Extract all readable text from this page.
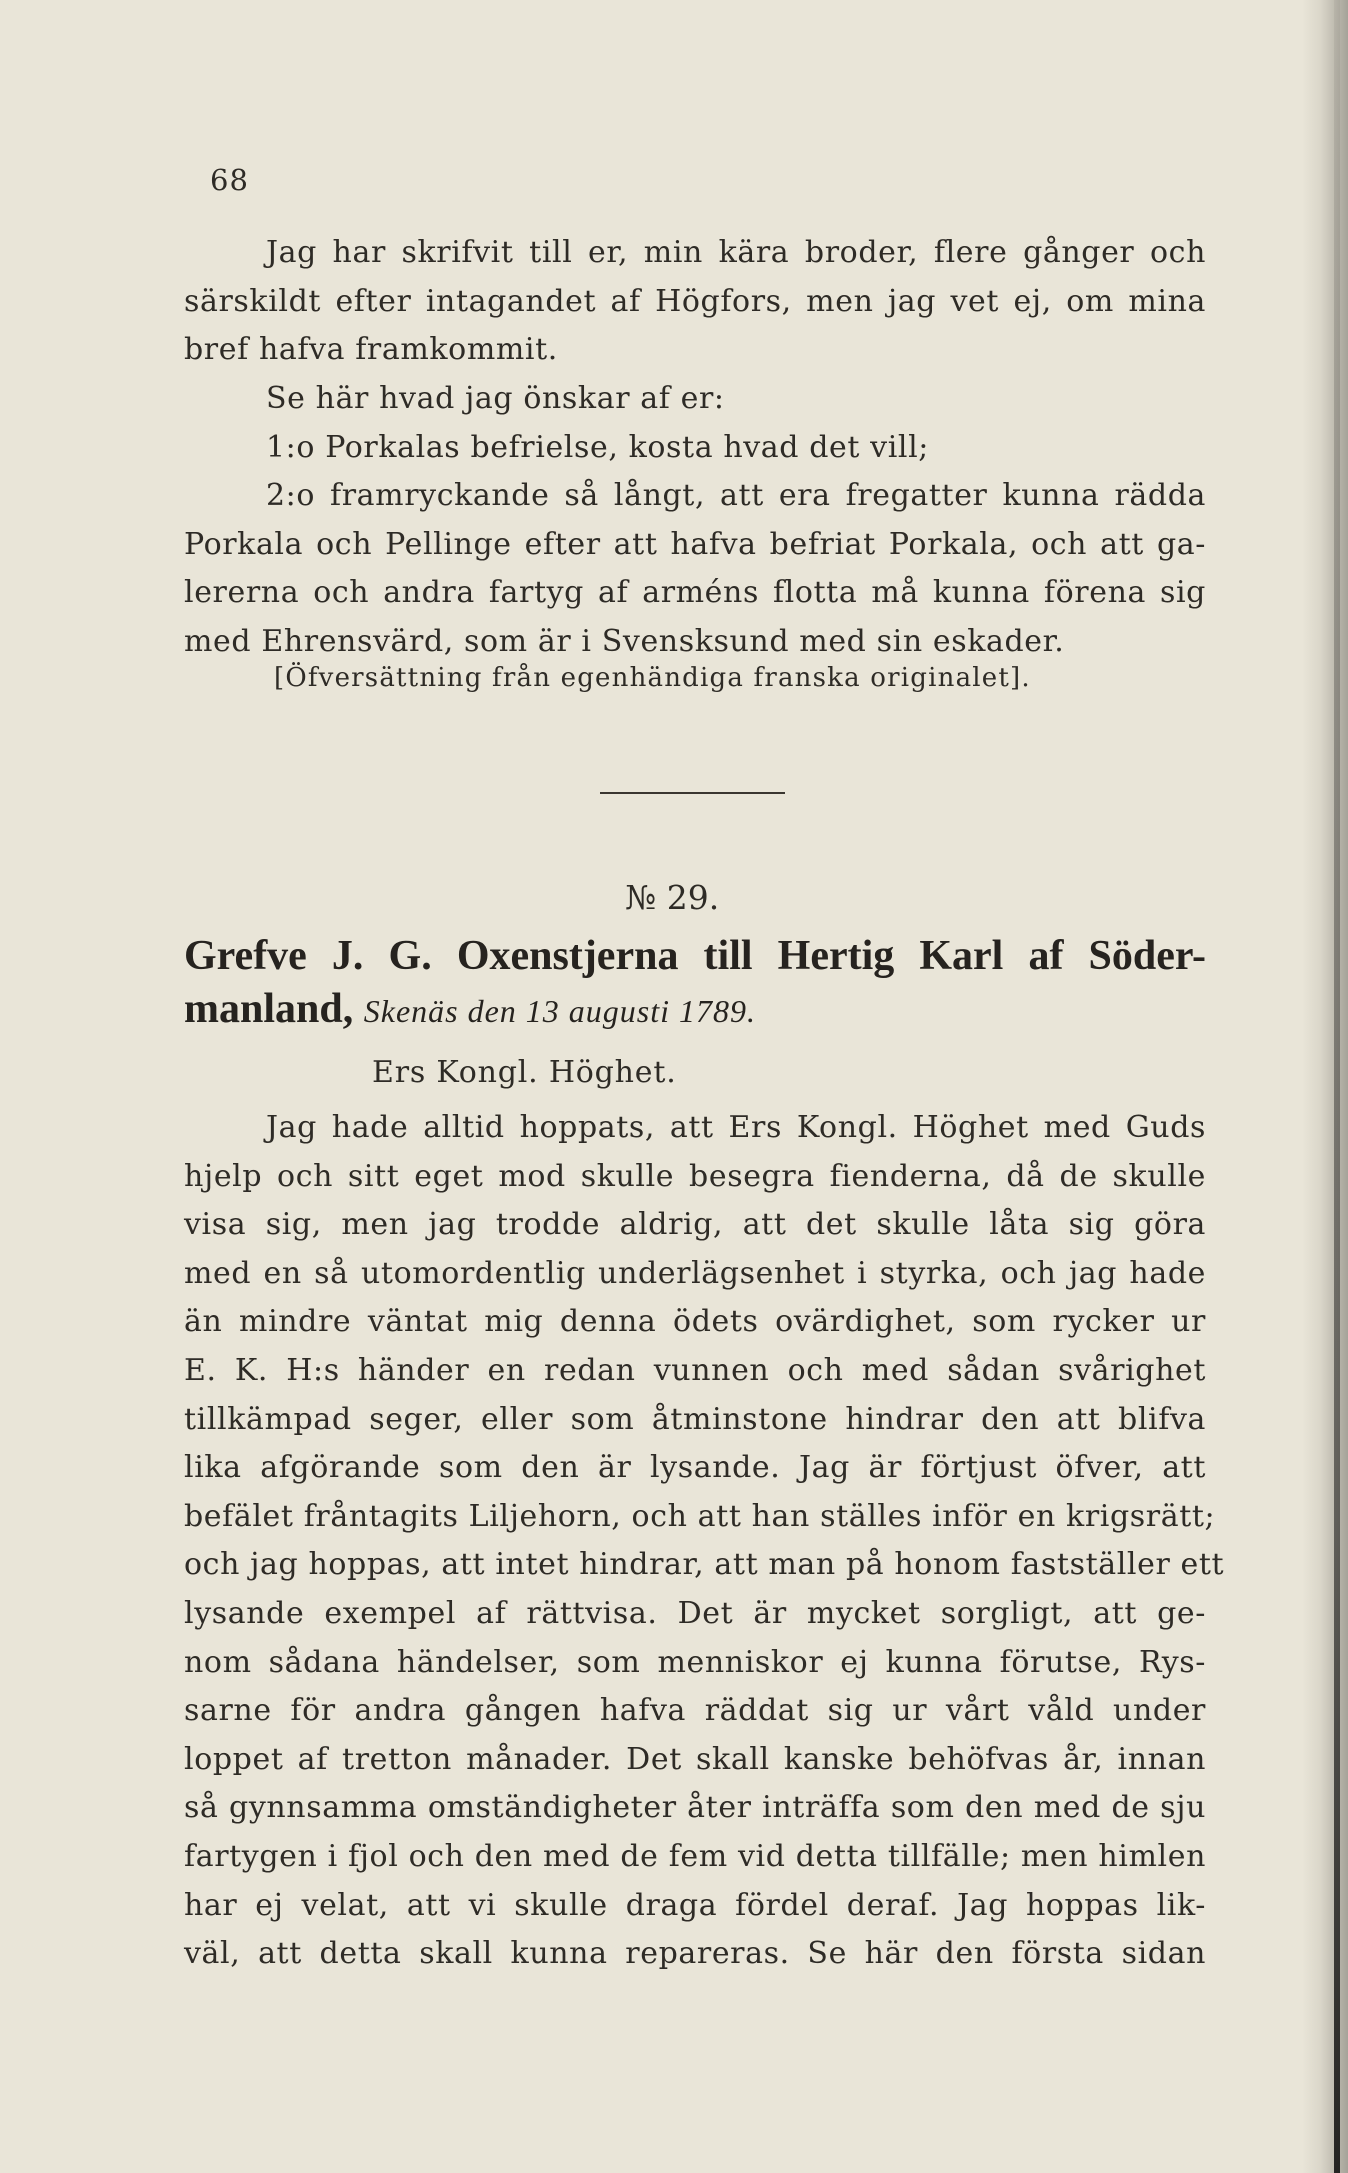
68
Jag har skrifvit till er, min kära broder, flere gånger och
särskildt efter intagandet af Högfors, men jag vet ej, om mina
bref hafva framkommit.
Se här hvad jag önskar af er:
1:o Porkalas befrielse, kosta hvad det vill;
2:o framryckande så långt, att era fregatter kunna rädda
Porkala och Pellinge efter att hafva befriat Porkala, och att ga-
lererna och andra fartyg af arméns flotta må kunna förena sig
med Ehrensvärd, som är i Svensksund med sin eskader.
[Öfversättning från egenhändiga franska originalet].
№ 29.
Grefve J. G. Oxenstjerna till Hertig Karl af Söder-
manland, Skenäs den 13 augusti 1789.
Ers Kongl. Höghet.
Jag hade alltid hoppats, att Ers Kongl. Höghet med Guds
hjelp och sitt eget mod skulle besegra fienderna, då de skulle
visa sig, men jag trodde aldrig, att det skulle låta sig göra
med en så utomordentlig underlägsenhet i styrka, och jag hade
än mindre väntat mig denna ödets ovärdighet, som rycker ur
E. K. H:s händer en redan vunnen och med sådan svårighet
tillkämpad seger, eller som åtminstone hindrar den att blifva
lika afgörande som den är lysande. Jag är förtjust öfver, att
befälet fråntagits Liljehorn, och att han ställes inför en krigsrätt;
och jag hoppas, att intet hindrar, att man på honom fastställer ett
lysande exempel af rättvisa. Det är mycket sorgligt, att ge-
nom sådana händelser, som menniskor ej kunna förutse, Rys-
sarne för andra gången hafva räddat sig ur vårt våld under
loppet af tretton månader. Det skall kanske behöfvas år, innan
så gynnsamma omständigheter åter inträffa som den med de sju
fartygen i fjol och den med de fem vid detta tillfälle; men himlen
har ej velat, att vi skulle draga fördel deraf. Jag hoppas lik-
väl, att detta skall kunna repareras. Se här den första sidan
